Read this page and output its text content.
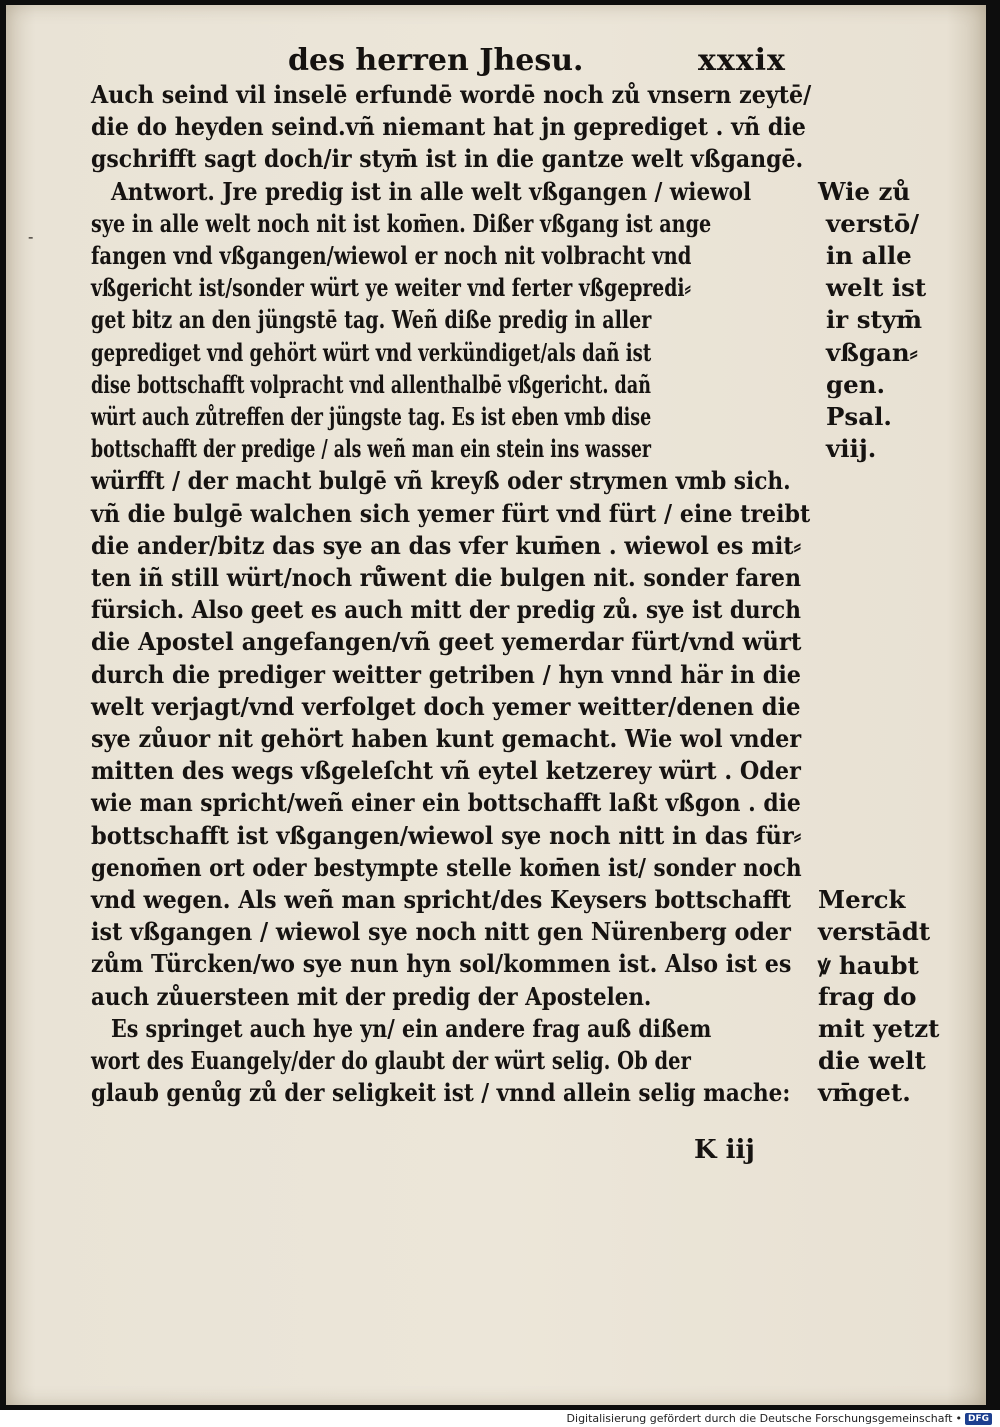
des herren Jhesu.	xxxix
-
Auch seind vil inselē erfundē wordē noch zů vnsern zeytē/
die do heyden seind.vñ niemant hat jn geprediget . vñ die
gschrifft sagt doch/ir stym̄ ist in die gantze welt vßgangē.
Antwort. Jre predig ist in alle welt vßgangen / wiewol
sye in alle welt noch nit ist kom̄en. Dißer vßgang ist ange
fangen vnd vßgangen/wiewol er noch nit volbracht vnd
vßgericht ist/sonder würt ye weiter vnd ferter vßgepredi⸗
get bitz an den jüngstē tag. Weñ diße predig in aller
geprediget vnd gehört würt vnd verkündiget/als dañ ist
dise bottschafft volpracht vnd allenthalbē vßgericht. dañ
würt auch zůtreffen der jüngste tag. Es ist eben vmb dise
bottschafft der predige / als weñ man ein stein ins wasser
würfft / der macht bulgē vñ kreyß oder strymen vmb sich.
vñ die bulgē walchen sich yemer fürt vnd fürt / eine treibt
die ander/bitz das sye an das vfer kum̄en . wiewol es mit⸗
ten iñ still würt/noch rů̄went die bulgen nit. sonder faren
fürsich. Also geet es auch mitt der predig zů. sye ist durch
die Apostel angefangen/vñ geet yemerdar fürt/vnd würt
durch die prediger weitter getriben / hyn vnnd här in die
welt verjagt/vnd verfolget doch yemer weitter/denen die
sye zůuor nit gehört haben kunt gemacht. Wie wol vnder
mitten des wegs vßgeleſcht vñ eytel ketzerey würt . Oder
wie man spricht/weñ einer ein bottschafft laßt vßgon . die
bottschafft ist vßgangen/wiewol sye noch nitt in das für⸗
genom̄en ort oder bestympte stelle kom̄en ist/ sonder noch
vnd wegen. Als weñ man spricht/des Keysers bottschafft
ist vßgangen / wiewol sye noch nitt gen Nürenberg oder
zům Türcken/wo sye nun hyn sol/kommen ist. Also ist es
auch zůuersteen mit der predig der Apostelen.
Es springet auch hye yn/ ein andere frag auß dißem
wort des Euangely/der do glaubt der würt selig. Ob der
glaub genůg zů der seligkeit ist / vnnd allein selig mache:
Wie zů
verstō/
in alle
welt ist
ir stym̄
vßgan⸗
gen.
Psal.
viij.
Merck
verstādt
ꝟ haubt
frag do
mit yetzt
die welt
vm̄get.
K iij
Digitalisierung gefördert durch die Deutsche Forschungsgemeinschaft • DFG
